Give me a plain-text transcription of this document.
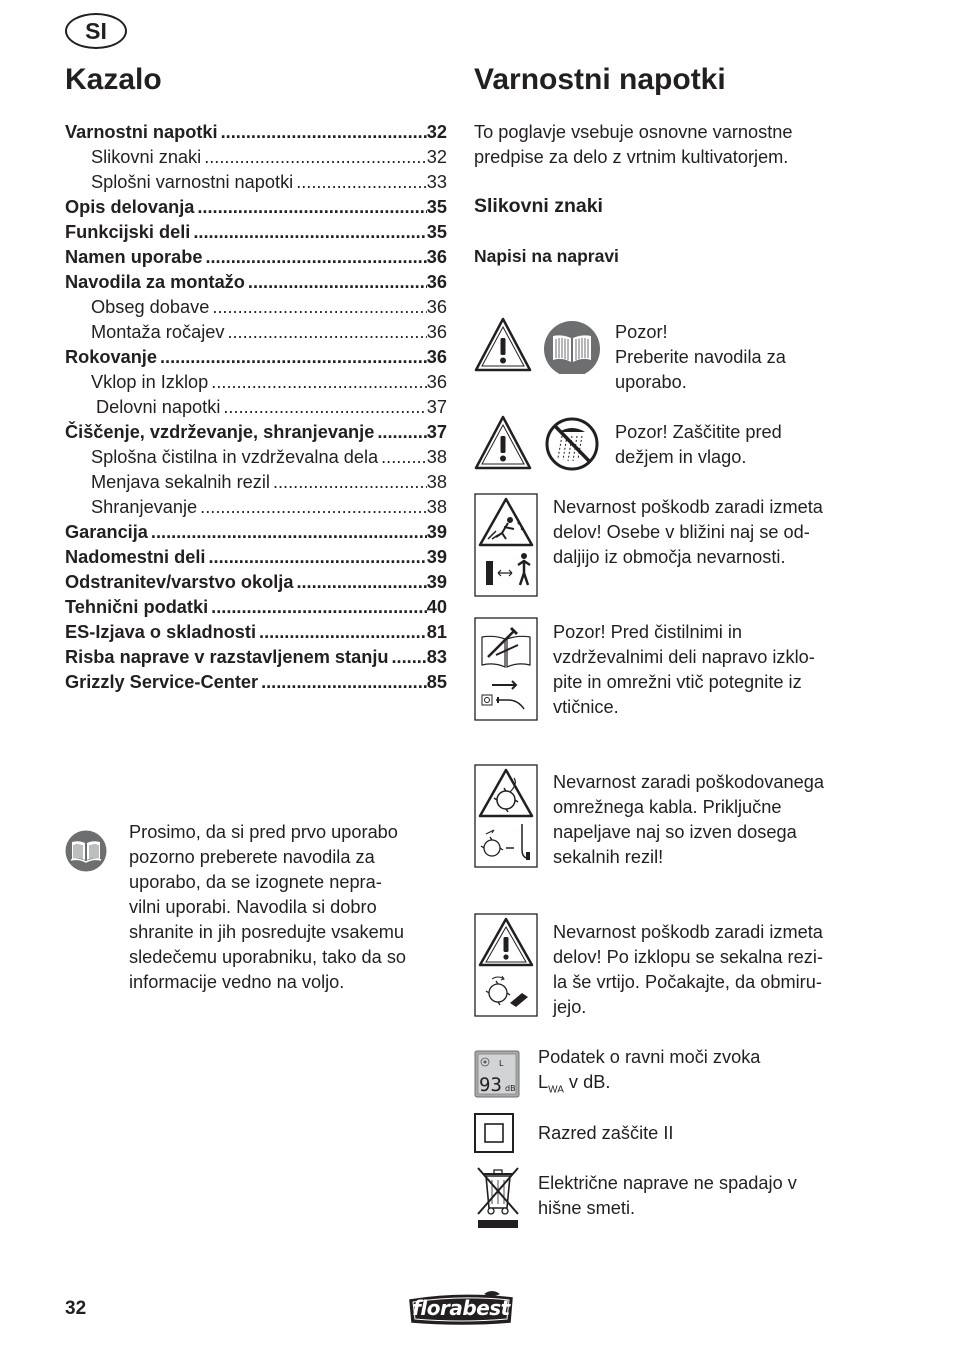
SI
Kazalo
Varnostni napotki .....	32
Slikovni znaki .....	32
Splošni varnostni napotki .....	33
Opis delovanja .....	35
Funkcijski deli .....	35
Namen uporabe .....	36
Navodila za montažo .....	36
Obseg dobave .....	36
Montaža ročajev .....	36
Rokovanje .....	36
Vklop in Izklop .....	36
Delovni napotki .....	37
Čiščenje, vzdrževanje, shranjevanje .....	37
Splošna čistilna in vzdrževalna dela .....	38
Menjava sekalnih rezil .....	38
Shranjevanje .....	38
Garancija .....	39
Nadomestni deli .....	39
Odstranitev/varstvo okolja .....	39
Tehnični podatki .....	40
ES-Izjava o skladnosti .....	81
Risba naprave v razstavljenem stanju ..... 83
Grizzly Service-Center .....	85
Prosimo, da si pred prvo uporabo
pozorno preberete navodila za
uporabo, da se izognete nepra-
vilni uporabi. Navodila si dobro
shranite in jih posredujte vsakemu
sledečemu uporabniku, tako da so
informacije vedno na voljo.
Varnostni napotki
To poglavje vsebuje osnovne varnostne
predpise za delo z vrtnim kultivatorjem.
Slikovni znaki
Napisi na napravi
Pozor!
Preberite navodila za
uporabo.
Pozor! Zaščitite pred
dežjem in vlago.
Nevarnost poškodb zaradi izmeta
delov! Osebe v bližini naj se od-
daljijo iz območja nevarnosti.
Pozor! Pred čistilnimi in
vzdrževalnimi deli napravo izklo-
pite in omrežni vtič potegnite iz
vtičnice.
Nevarnost zaradi poškodovanega
omrežnega kabla. Priključne
napeljave naj so izven dosega
sekalnih rezil!
Nevarnost poškodb zaradi izmeta
delov! Po izklopu se sekalna rezi-
la še vrtijo. Počakajte, da obmiru-
jejo.
L
93 dB
Podatek o ravni moči zvoka
$L_{WA}$ v dB.
Razred zaščite II
Električne naprave ne spadajo v
hišne smeti.
32	florabest
